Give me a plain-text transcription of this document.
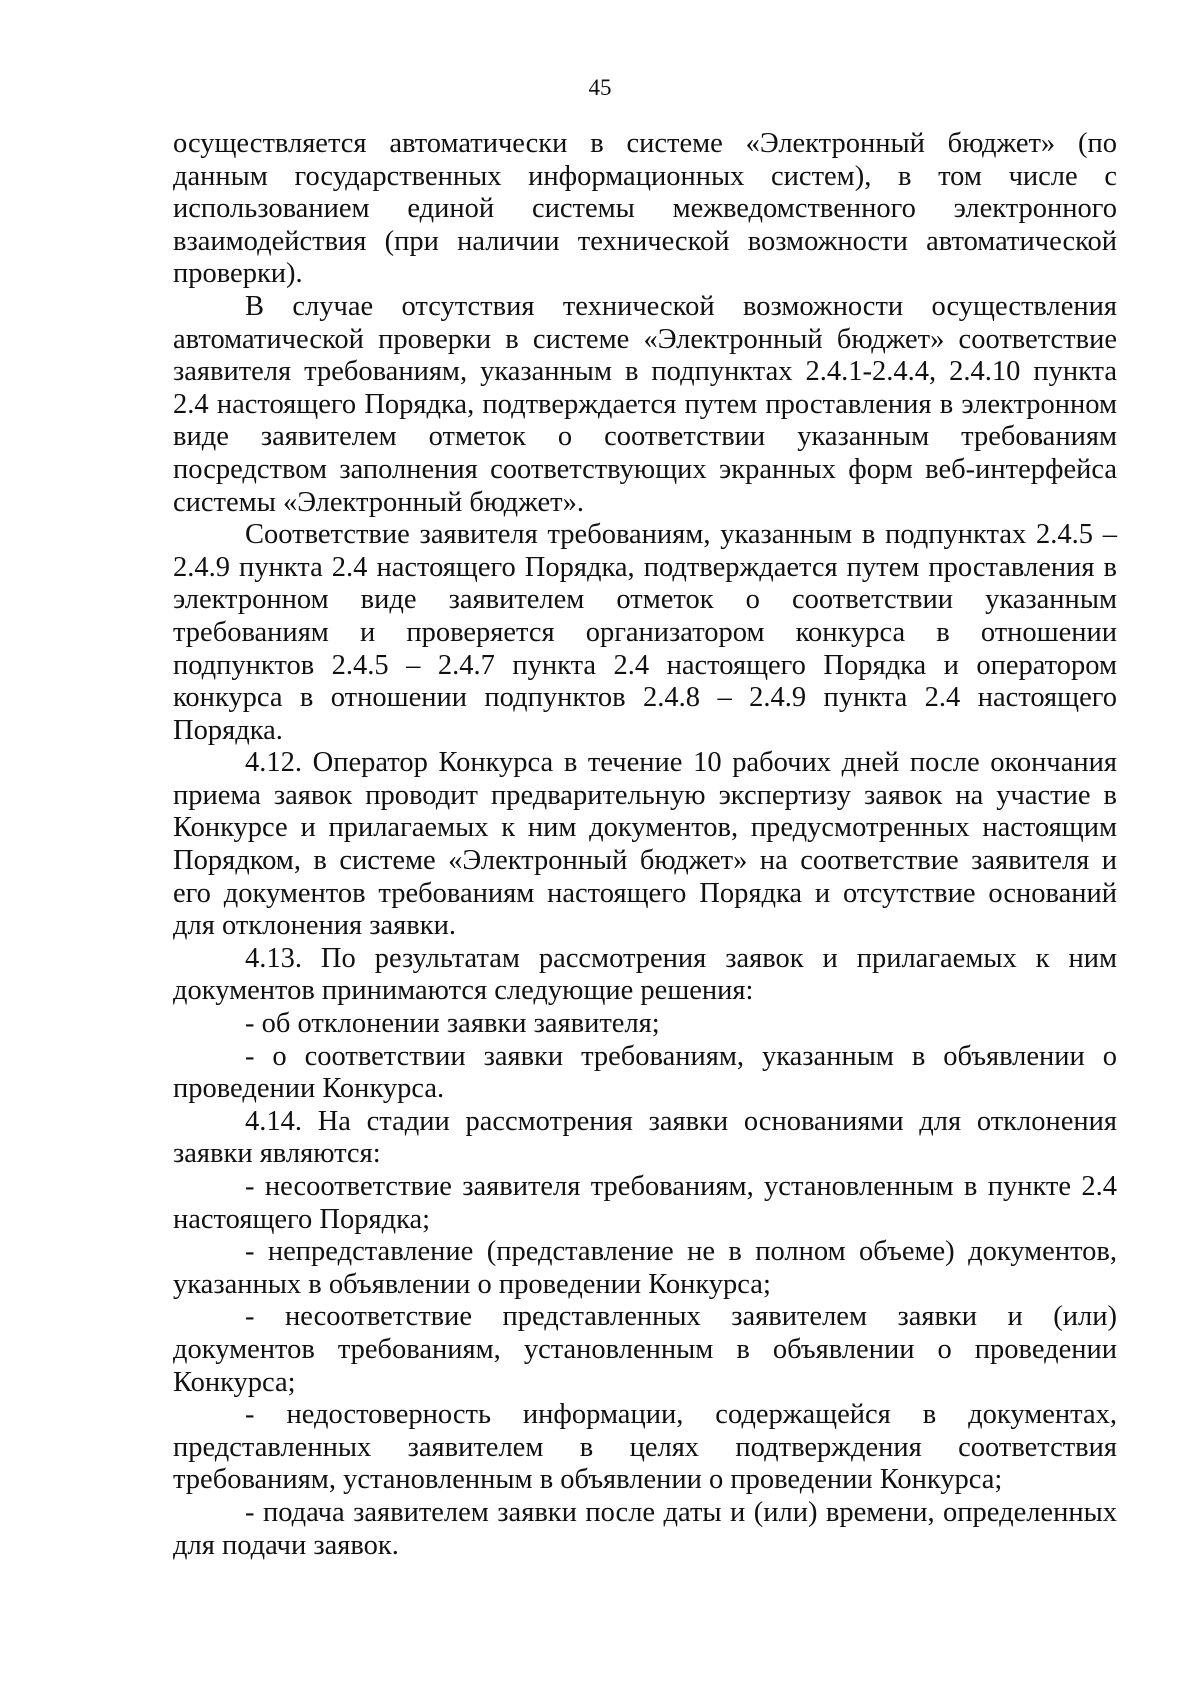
45

осуществляется автоматически в системе «Электронный бюджет» (по данным государственных информационных систем), в том числе с использованием единой системы межведомственного электронного взаимодействия (при наличии технической возможности автоматической проверки).

В случае отсутствия технической возможности осуществления автоматической проверки в системе «Электронный бюджет» соответствие заявителя требованиям, указанным в подпунктах 2.4.1-2.4.4, 2.4.10 пункта 2.4 настоящего Порядка, подтверждается путем проставления в электронном виде заявителем отметок о соответствии указанным требованиям посредством заполнения соответствующих экранных форм веб-интерфейса системы «Электронный бюджет».

Соответствие заявителя требованиям, указанным в подпунктах 2.4.5 – 2.4.9 пункта 2.4 настоящего Порядка, подтверждается путем проставления в электронном виде заявителем отметок о соответствии указанным требованиям и проверяется организатором конкурса в отношении подпунктов 2.4.5 – 2.4.7 пункта 2.4 настоящего Порядка и оператором конкурса в отношении подпунктов 2.4.8 – 2.4.9 пункта 2.4 настоящего Порядка.

4.12. Оператор Конкурса в течение 10 рабочих дней после окончания приема заявок проводит предварительную экспертизу заявок на участие в Конкурсе и прилагаемых к ним документов, предусмотренных настоящим Порядком, в системе «Электронный бюджет» на соответствие заявителя и его документов требованиям настоящего Порядка и отсутствие оснований для отклонения заявки.

4.13. По результатам рассмотрения заявок и прилагаемых к ним документов принимаются следующие решения:

- об отклонении заявки заявителя;

- о соответствии заявки требованиям, указанным в объявлении о проведении Конкурса.

4.14. На стадии рассмотрения заявки основаниями для отклонения заявки являются:

- несоответствие заявителя требованиям, установленным в пункте 2.4 настоящего Порядка;

- непредставление (представление не в полном объеме) документов, указанных в объявлении о проведении Конкурса;

- несоответствие представленных заявителем заявки и (или) документов требованиям, установленным в объявлении о проведении Конкурса;

- недостоверность информации, содержащейся в документах, представленных заявителем в целях подтверждения соответствия требованиям, установленным в объявлении о проведении Конкурса;

- подача заявителем заявки после даты и (или) времени, определенных для подачи заявок.
